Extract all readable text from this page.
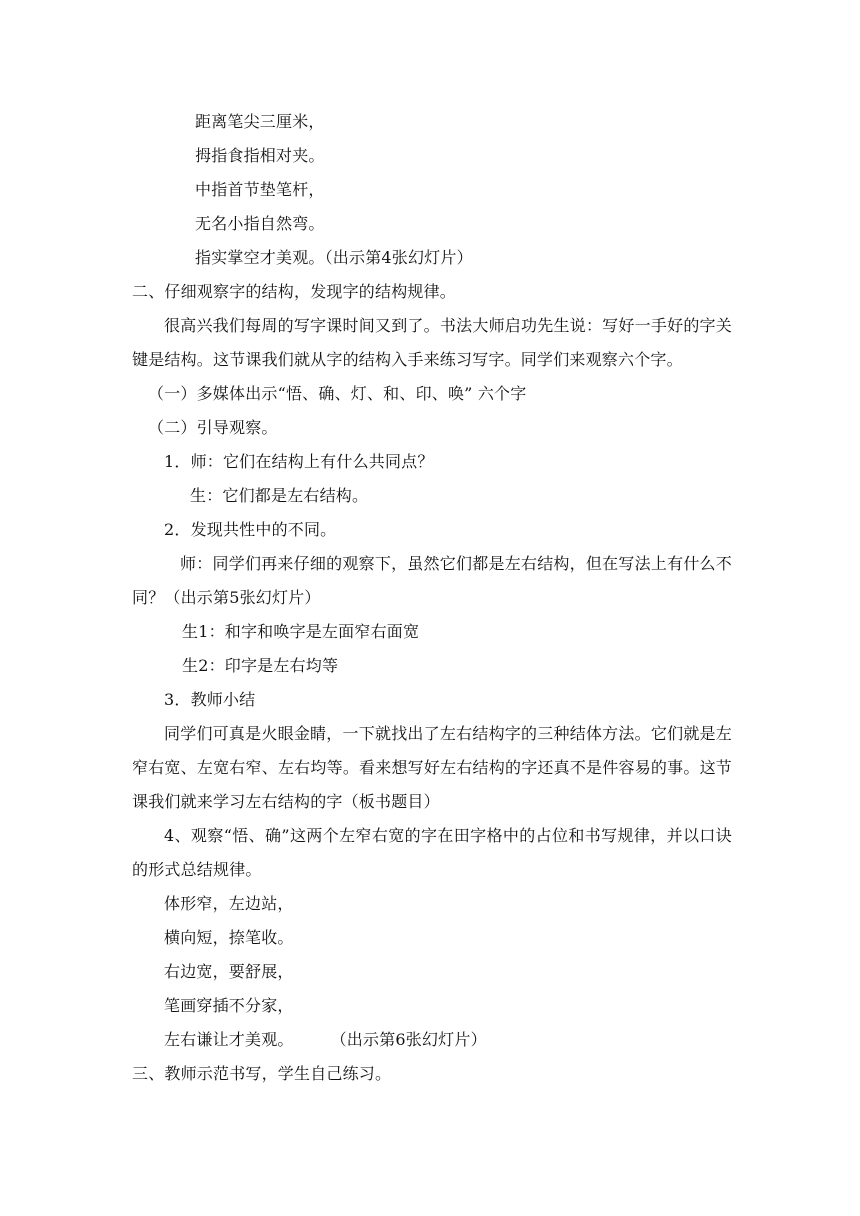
距离笔尖三厘米，
拇指食指相对夹。
中指首节垫笔杆，
无名小指自然弯。
指实掌空才美观。（出示第4张幻灯片）
二、仔细观察字的结构，发现字的结构规律。
很高兴我们每周的写字课时间又到了。书法大师启功先生说：写好一手好的字关键是结构。这节课我们就从字的结构入手来练习写字。同学们来观察六个字。
（一）多媒体出示“悟、确、灯、和、印、唤” 六个字
（二）引导观察。
1．师：它们在结构上有什么共同点？
生：它们都是左右结构。
2．发现共性中的不同。
师：同学们再来仔细的观察下，虽然它们都是左右结构，但在写法上有什么不同？（出示第5张幻灯片）
生1：和字和唤字是左面窄右面宽
生2：印字是左右均等
3．教师小结
同学们可真是火眼金睛，一下就找出了左右结构字的三种结体方法。它们就是左窄右宽、左宽右窄、左右均等。看来想写好左右结构的字还真不是件容易的事。这节课我们就来学习左右结构的字（板书题目）
4、观察“悟、确”这两个左窄右宽的字在田字格中的占位和书写规律，并以口诀的形式总结规律。
体形窄，左边站，
横向短，捺笔收。
右边宽，要舒展，
笔画穿插不分家，
左右谦让才美观。       （出示第6张幻灯片）
三、教师示范书写，学生自己练习。
